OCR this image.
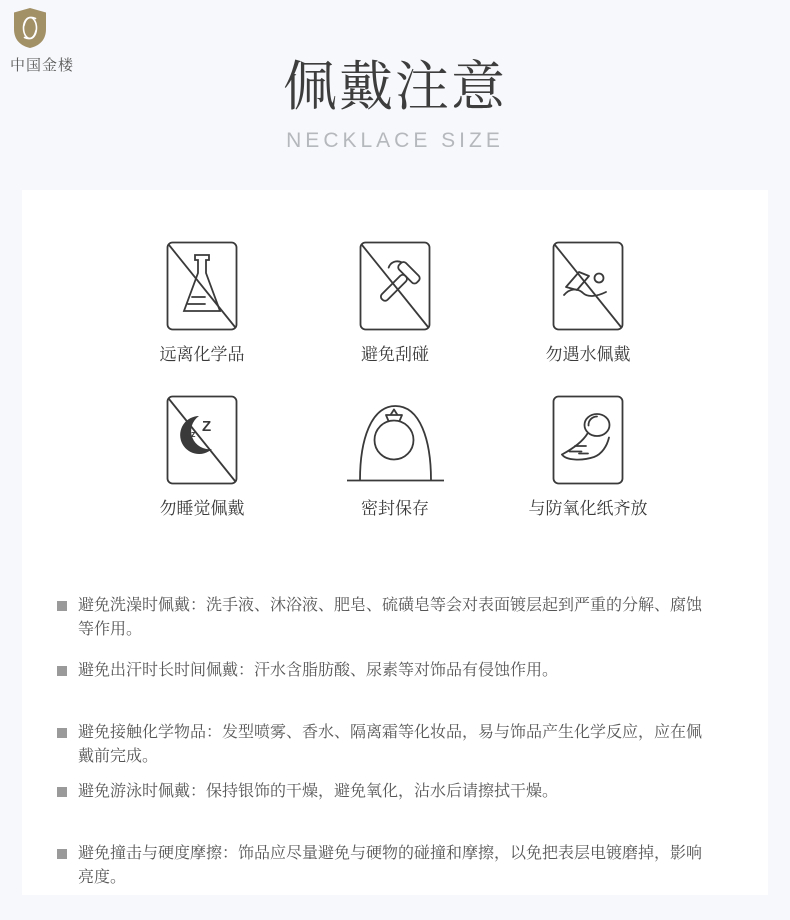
中国金楼	佩戴注意
NECKLACE SIZE
远离化学品	避免刮碰	勿遇水佩戴
Z
z
勿睡觉佩戴	密封保存	与防氧化纸齐放
避免洗澡时佩戴：洗手液、沐浴液、肥皂、硫磺皂等会对表面镀层起到严重的分解、腐蚀等作用。
避免出汗时长时间佩戴：汗水含脂肪酸、尿素等对饰品有侵蚀作用。
避免接触化学物品：发型喷雾、香水、隔离霜等化妆品，易与饰品产生化学反应，应在佩戴前完成。
避免游泳时佩戴：保持银饰的干燥，避免氧化，沾水后请擦拭干燥。
避免撞击与硬度摩擦：饰品应尽量避免与硬物的碰撞和摩擦，以免把表层电镀磨掉，影响亮度。
